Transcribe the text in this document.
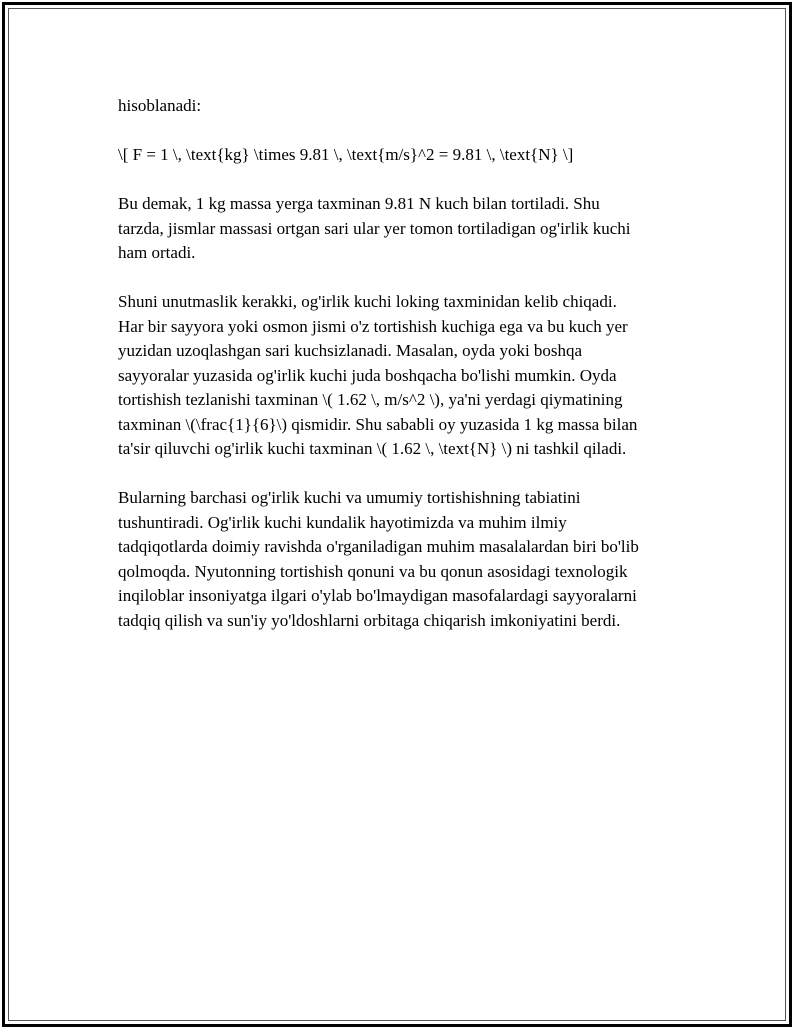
hisoblanadi:
\[ F = 1 \, \text{kg} \times 9.81 \, \text{m/s}^2 = 9.81 \, \text{N} \]
Bu demak, 1 kg massa yerga taxminan 9.81 N kuch bilan tortiladi. Shu
tarzda, jismlar massasi ortgan sari ular yer tomon tortiladigan og'irlik kuchi
ham ortadi.
Shuni unutmaslik kerakki, og'irlik kuchi loking taxminidan kelib chiqadi.
Har bir sayyora yoki osmon jismi o'z tortishish kuchiga ega va bu kuch yer
yuzidan uzoqlashgan sari kuchsizlanadi. Masalan, oyda yoki boshqa
sayyoralar yuzasida og'irlik kuchi juda boshqacha bo'lishi mumkin. Oyda
tortishish tezlanishi taxminan \( 1.62 \, m/s^2 \), ya'ni yerdagi qiymatining
taxminan \(\frac{1}{6}\) qismidir. Shu sababli oy yuzasida 1 kg massa bilan
ta'sir qiluvchi og'irlik kuchi taxminan \( 1.62 \, \text{N} \) ni tashkil qiladi.
Bularning barchasi og'irlik kuchi va umumiy tortishishning tabiatini
tushuntiradi. Og'irlik kuchi kundalik hayotimizda va muhim ilmiy
tadqiqotlarda doimiy ravishda o'rganiladigan muhim masalalardan biri bo'lib
qolmoqda. Nyutonning tortishish qonuni va bu qonun asosidagi texnologik
inqiloblar insoniyatga ilgari o'ylab bo'lmaydigan masofalardagi sayyoralarni
tadqiq qilish va sun'iy yo'ldoshlarni orbitaga chiqarish imkoniyatini berdi.
